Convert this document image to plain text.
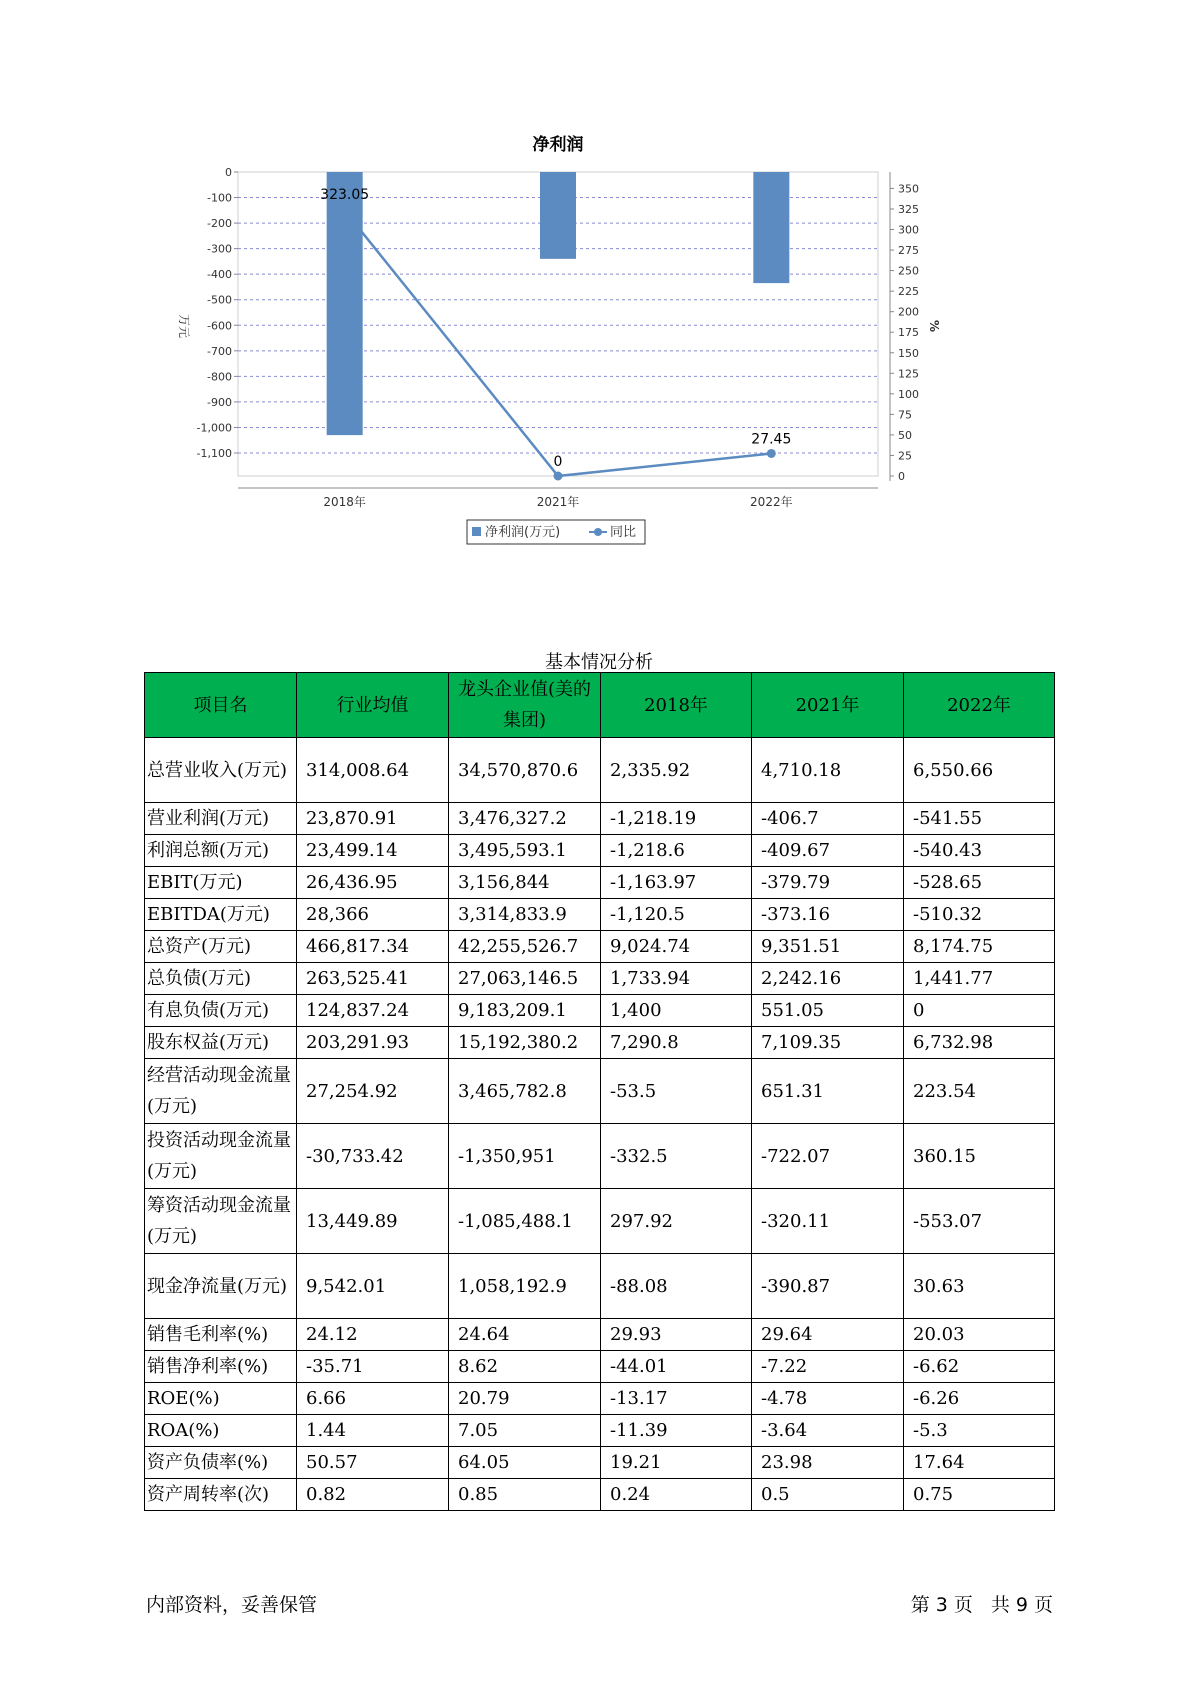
净利润
0
-100
-200
-300
-400
-500
-600
-700
-800
-900
-1,000
-1,100
万元
0
25
50
75
100
125
150
175
200
225
250
275
300
325
350
%
2018年	2021年	2022年
323.05
0
27.45
净利润(万元)	同比
基本情况分析
项目名	行业均值	龙头企业值(美的集团)	2018年	2021年	2022年
总营业收入(万元)	314,008.64	34,570,870.6	2,335.92	4,710.18	6,550.66
营业利润(万元)	23,870.91	3,476,327.2	-1,218.19	-406.7	-541.55
利润总额(万元)	23,499.14	3,495,593.1	-1,218.6	-409.67	-540.43
EBIT(万元)	26,436.95	3,156,844	-1,163.97	-379.79	-528.65
EBITDA(万元)	28,366	3,314,833.9	-1,120.5	-373.16	-510.32
总资产(万元)	466,817.34	42,255,526.7	9,024.74	9,351.51	8,174.75
总负债(万元)	263,525.41	27,063,146.5	1,733.94	2,242.16	1,441.77
有息负债(万元)	124,837.24	9,183,209.1	1,400	551.05	0
股东权益(万元)	203,291.93	15,192,380.2	7,290.8	7,109.35	6,732.98
经营活动现金流量(万元)	27,254.92	3,465,782.8	-53.5	651.31	223.54
投资活动现金流量(万元)	-30,733.42	-1,350,951	-332.5	-722.07	360.15
筹资活动现金流量(万元)	13,449.89	-1,085,488.1	297.92	-320.11	-553.07
现金净流量(万元)	9,542.01	1,058,192.9	-88.08	-390.87	30.63
销售毛利率(%)	24.12	24.64	29.93	29.64	20.03
销售净利率(%)	-35.71	8.62	-44.01	-7.22	-6.62
ROE(%)	6.66	20.79	-13.17	-4.78	-6.26
ROA(%)	1.44	7.05	-11.39	-3.64	-5.3
资产负债率(%)	50.57	64.05	19.21	23.98	17.64
资产周转率(次)	0.82	0.85	0.24	0.5	0.75
内部资料，妥善保管	第 3 页 共 9 页
